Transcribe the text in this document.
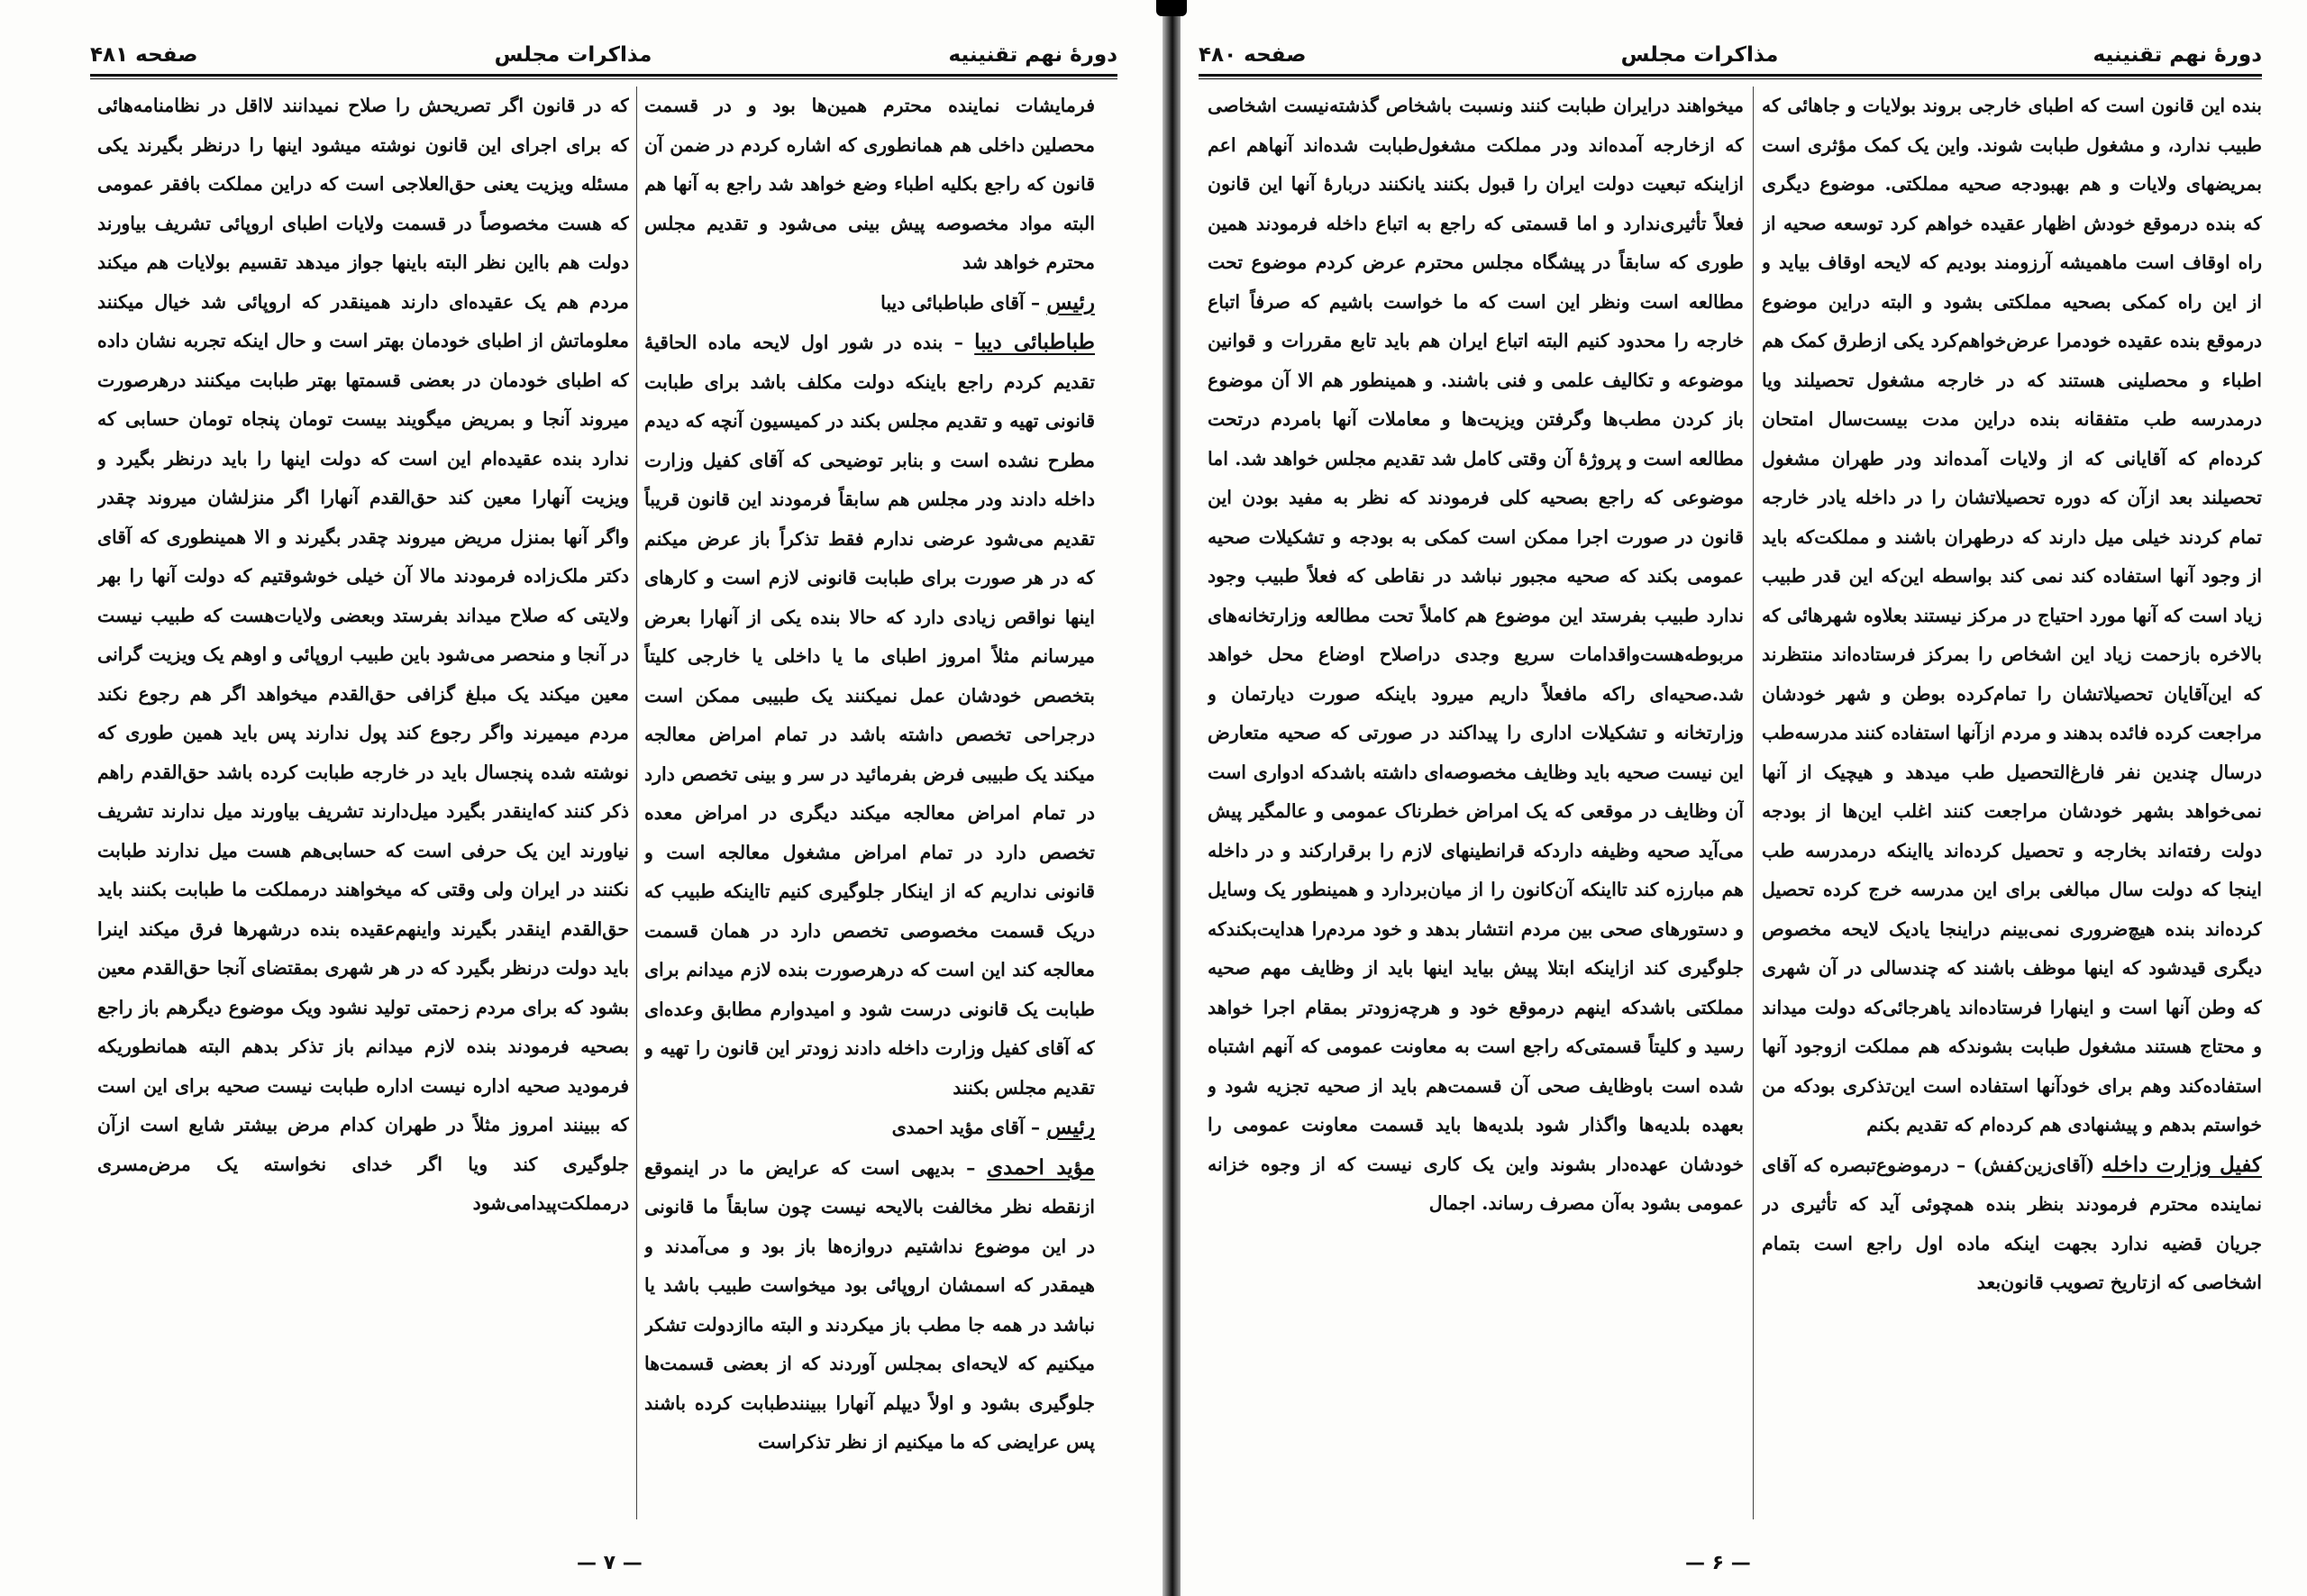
صفحه ۴۸۱	مذاکرات مجلس	دورهٔ نهم تقنینیه

فرمایشات نماینده محترم همین‌ها بود و در قسمت محصلین داخلی هم همانطوری که اشاره کردم در ضمن آن قانون که راجع بکلیه اطباء وضع خواهد شد راجع به آنها هم البته مواد مخصوصه پیش بینی می‌شود و تقدیم مجلس محترم خواهد شد

رئیس – آقای طباطبائی دیبا

طباطبائی دیبا – بنده در شور اول لایحه ماده الحاقیهٔ تقدیم کردم راجع باینکه دولت مکلف باشد برای طبابت قانونی تهیه و تقدیم مجلس بکند در کمیسیون آنچه که دیدم مطرح نشده است و بنابر توضیحی که آقای کفیل وزارت داخله دادند ودر مجلس هم سابقاً فرمودند این قانون قریباً تقدیم می‌شود عرضی ندارم فقط تذکراً باز عرض میکنم که در هر صورت برای طبابت قانونی لازم است و کارهای اینها نواقص زیادی دارد که حالا بنده یکی از آنهارا بعرض میرسانم مثلاً امروز اطبای ما یا داخلی یا خارجی کلیتاً بتخصص خودشان عمل نمیکنند یک طبیبی ممکن است درجراحی تخصص داشته باشد در تمام امراض معالجه میکند یک طبیبی فرض بفرمائید در سر و بینی تخصص دارد در تمام امراض معالجه میکند دیگری در امراض معده تخصص دارد در تمام امراض مشغول معالجه است و قانونی نداریم که از اینکار جلوگیری کنیم تااینکه طبیب که دریک قسمت مخصوصی تخصص دارد در همان قسمت معالجه کند این است که درهرصورت بنده لازم میدانم برای طبابت یک قانونی درست شود و امیدوارم مطابق وعده‌ای که آقای کفیل وزارت داخله دادند زودتر این قانون را تهیه و تقدیم مجلس بکنند

رئیس – آقای مؤید احمدی

مؤید احمدی – بدیهی است که عرایض ما در اینموقع ازنقطه نظر مخالفت بالایحه نیست چون سابقاً ما قانونی در این موضوع نداشتیم دروازه‌ها باز بود و می‌آمدند و هیمقدر که اسمشان اروپائی بود میخواست طبیب باشد یا نباشد در همه جا مطب باز میکردند و البته ماازدولت تشکر میکنیم که لایحه‌ای بمجلس آوردند که از بعضی قسمت‌ها جلوگیری بشود و اولاً دیپلم آنهارا ببینندطبابت کرده باشند پس عرایضی که ما میکنیم از نظر تذکراست

که در قانون اگر تصریحش را صلاح نمیدانند لااقل در نظامنامه‌هائی که برای اجرای این قانون نوشته میشود اینها را درنظر بگیرند یکی مسئله ویزیت یعنی حق‌العلاجی است که دراین مملکت بافقر عمومی که هست مخصوصاً در قسمت ولایات اطبای اروپائی تشریف بیاورند دولت هم بااین نظر البته باینها جواز میدهد تقسیم بولایات هم میکند مردم هم یک عقیده‌ای دارند همینقدر که اروپائی شد خیال میکنند معلوماتش از اطبای خودمان بهتر است و حال اینکه تجربه نشان داده که اطبای خودمان در بعضی قسمتها بهتر طبابت میکنند درهرصورت میروند آنجا و بمریض میگویند بیست تومان پنجاه تومان حسابی که ندارد بنده عقیده‌ام این است که دولت اینها را باید درنظر بگیرد و ویزیت آنهارا معین کند حق‌القدم آنهارا اگر منزلشان میروند چقدر واگر آنها بمنزل مریض میروند چقدر بگیرند و الا همینطوری که آقای دکتر ملک‌زاده فرمودند مالا آن خیلی خوشوقتیم که دولت آنها را بهر ولایتی که صلاح میداند بفرستد وبعضی ولایات‌هست که طبیب نیست در آنجا و منحصر می‌شود باین طبیب اروپائی و اوهم یک ویزیت گرانی معین میکند یک مبلغ گزافی حق‌القدم میخواهد اگر هم رجوع نکند مردم میمیرند واگر رجوع کند پول ندارند پس باید همین طوری که نوشته شده پنجسال باید در خارجه طبابت کرده باشد حق‌القدم راهم ذکر کنند که‌اینقدر بگیرد میل‌دارند تشریف بیاورند میل ندارند تشریف نیاورند این یک حرفی است که حسابی‌هم هست میل ندارند طبابت نکنند در ایران ولی وقتی که میخواهند درمملکت ما طبابت بکنند باید حق‌القدم اینقدر بگیرند واینهم‌عقیده بنده درشهرها فرق میکند اینرا باید دولت درنظر بگیرد که در هر شهری بمقتضای آنجا حق‌القدم معین بشود که برای مردم زحمتی تولید نشود ویک موضوع دیگرهم باز راجع بصحیه فرمودند بنده لازم میدانم باز تذکر بدهم البته همانطوریکه فرمودید صحیه اداره نیست اداره طبابت نیست صحیه برای این است که ببینند امروز مثلاً در طهران کدام مرض بیشتر شایع است ازآن جلوگیری کند ویا اگر خدای نخواسته یک مرض‌مسری درمملکت‌پیدامی‌شود

— ۷ —
صفحه ۴۸۰	مذاکرات مجلس	دورهٔ نهم تقنینیه

بنده این قانون است که اطبای خارجی بروند بولایات و جاهائی که طبیب ندارد، و مشغول طبابت شوند. واین یک کمک مؤثری است بمریضهای ولایات و هم بهبودجه صحیه مملکتی. موضوع دیگری که بنده درموقع خودش اظهار عقیده خواهم کرد توسعه صحیه از راه اوقاف است ماهمیشه آرزومند بودیم که لایحه اوقاف بیاید و از این راه کمکی بصحیه مملکتی بشود و البته دراین موضوع درموقع بنده عقیده خودمرا عرض‌خواهم‌کرد یکی ازطرق کمک هم اطباء و محصلینی هستند که در خارجه مشغول تحصیلند ویا درمدرسه طب متفقانه بنده دراین مدت بیست‌سال امتحان کرده‌ام که آقایانی که از ولایات آمده‌اند ودر طهران مشغول تحصیلند بعد ازآن که دوره تحصیلاتشان را در داخله یادر خارجه تمام کردند خیلی میل دارند که درطهران باشند و مملکت‌که باید از وجود آنها استفاده کند نمی کند بواسطه این‌که این قدر طبیب زیاد است که آنها مورد احتیاج در مرکز نیستند بعلاوه شهرهائی که بالاخره بازحمت زیاد این اشخاص را بمرکز فرستاده‌اند منتظرند که این‌آقایان تحصیلاتشان را تمام‌کرده بوطن و شهر خودشان مراجعت کرده فائده بدهند و مردم ازآنها استفاده کنند مدرسه‌طب درسال چندین نفر فارغ‌التحصیل طب میدهد و هیچیک از آنها نمی‌خواهد بشهر خودشان مراجعت کنند اغلب این‌ها از بودجه دولت رفته‌اند بخارجه و تحصیل کرده‌اند یااینکه درمدرسه طب اینجا که دولت سال مبالغی برای این مدرسه خرج کرده تحصیل کرده‌اند بنده هیچ‌ضروری نمی‌بینم دراینجا یادیک لایحه مخصوص دیگری قیدشود که اینها موظف باشند که چندسالی در آن شهری که وطن آنها است و اینهارا فرستاده‌اند یاهرجائی‌که دولت میداند و محتاج هستند مشغول طبابت بشوندکه هم مملکت ازوجود آنها استفاده‌کند وهم برای خودآنها استفاده است این‌تذکری بودکه من خواستم بدهم و پیشنهادی هم کرده‌ام که تقدیم بکنم

کفیل وزارت داخله (آقای‌زین‌کفش) – در‌موضوع‌تبصره که آقای نماینده محترم فرمودند بنظر بنده همچوئی آید که تأثیری در جریان قضیه ندارد بجهت اینکه ماده اول راجع است بتمام اشخاصی که ازتاریخ تصویب قانون‌بعد

میخواهند درایران طبابت کنند ونسبت باشخاص گذشته‌نیست اشخاصی که ازخارجه آمده‌اند ودر مملکت مشغول‌طبابت شده‌اند آنهاهم اعم ازاینکه تبعیت دولت ایران را قبول بکنند یانکنند دربارهٔ آنها این قانون فعلاً تأثیری‌ندارد و اما قسمتی که راجع به اتباع داخله فرمودند همین طوری که سابقاً در پیشگاه مجلس محترم عرض کردم موضوع تحت مطالعه است ونظر این است که ما خواست باشیم که صرفاً اتباع خارجه را محدود کنیم البته اتباع ایران هم باید تابع مقررات و قوانین موضوعه و تکالیف علمی و فنی باشند. و همینطور هم الا آن موضوع باز کردن مطب‌ها وگرفتن ویزیت‌ها و معاملات آنها بامردم درتحت مطالعه است و پروژهٔ آن وقتی کامل شد تقدیم مجلس خواهد شد. اما موضوعی که راجع بصحیه کلی فرمودند که نظر به مفید بودن این قانون در صورت اجرا ممکن است کمکی به بودجه و تشکیلات صحیه عمومی بکند که صحیه مجبور نباشد در نقاطی که فعلاً طبیب وجود ندارد طبیب بفرستد این موضوع هم کاملاً تحت مطالعه وزارتخانه‌های مربوطه‌هست‌واقدامات سریع وجدی دراصلاح اوضاع محل خواهد شد.صحیه‌ای راکه مافعلاً داریم میرود باینکه صورت دیارتمان و وزارتخانه و تشکیلات اداری را پیداکند در صورتی که صحیه متعارض این نیست صحیه باید وظایف مخصوصه‌ای داشته باشدکه ادواری است آن وظایف در موقعی که یک امراض خطرناک عمومی و عالمگیر پیش می‌آید صحیه وظیفه داردکه قرانطینهای لازم را برقرارکند و در داخله هم مبارزه کند تااینکه آن‌کانون را از میان‌بردارد و همینطور یک وسایل و دستورهای صحی بین مردم انتشار بدهد و خود مردم‌را هدایت‌بکندکه جلوگیری کند ازاینکه ابتلا پیش بیاید اینها باید از وظایف مهم صحیه مملکتی باشدکه اینهم درموقع خود و هرچه‌زودتر بمقام اجرا خواهد رسید و کلیتاً قسمتی‌که راجع است به معاونت عمومی که آنهم اشتباه شده است باوظایف صحی آن قسمت‌هم باید از صحیه تجزیه شود و بعهده بلدیه‌ها واگذار شود بلدیه‌ها باید قسمت معاونت عمومی را خودشان عهده‌دار بشوند واین یک کاری نیست که از وجوه خزانه عمومی بشود به‌آن مصرف رساند. اجمال

— ۶ —
